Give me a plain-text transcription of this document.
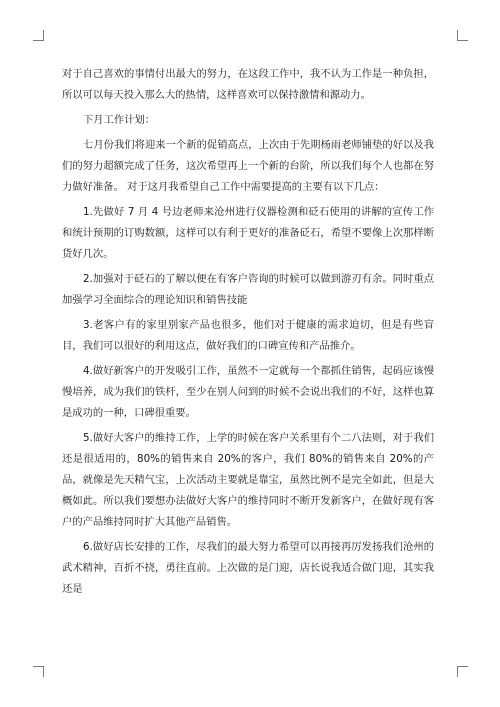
对于自己喜欢的事情付出最大的努力，在这段工作中，我不认为工作是一种负担，所以可以每天投入那么大的热情，这样喜欢可以保持激情和源动力。

下月工作计划：

七月份我们将迎来一个新的促销高点，上次由于先期杨雨老师铺垫的好以及我们的努力超额完成了任务，这次希望再上一个新的台阶，所以我们每个人也都在努力做好准备。 对于这月我希望自己工作中需要提高的主要有以下几点：

1.先做好 7 月 4 号边老师来沧州进行仪器检测和砭石使用的讲解的宣传工作和统计预期的订购数额，这样可以有利于更好的准备砭石，希望不要像上次那样断货好几次。

2.加强对于砭石的了解以便在有客户咨询的时候可以做到游刃有余。同时重点加强学习全面综合的理论知识和销售技能

3.老客户有的家里别家产品也很多，他们对于健康的需求迫切，但是有些盲目，我们可以很好的利用这点，做好我们的口碑宣传和产品推介。

4.做好新客户的开发吸引工作，虽然不一定就每一个都抓住销售，起码应该慢慢培养，成为我们的铁杆，至少在别人问到的时候不会说出我们的不好，这样也算是成功的一种，口碑很重要。

5.做好大客户的维持工作，上学的时候在客户关系里有个二八法则，对于我们还是很适用的，80%的销售来自 20%的客户，我们 80%的销售来自 20%的产品，就像是先天精气宝，上次活动主要就是靠宝，虽然比例不是完全如此，但是大概如此。所以我们要想办法做好大客户的维持同时不断开发新客户，在做好现有客户的产品维持同时扩大其他产品销售。

6.做好店长安排的工作，尽我们的最大努力希望可以再接再厉发扬我们沧州的武术精神，百折不挠，勇往直前。上次做的是门迎，店长说我适合做门迎，其实我还是
